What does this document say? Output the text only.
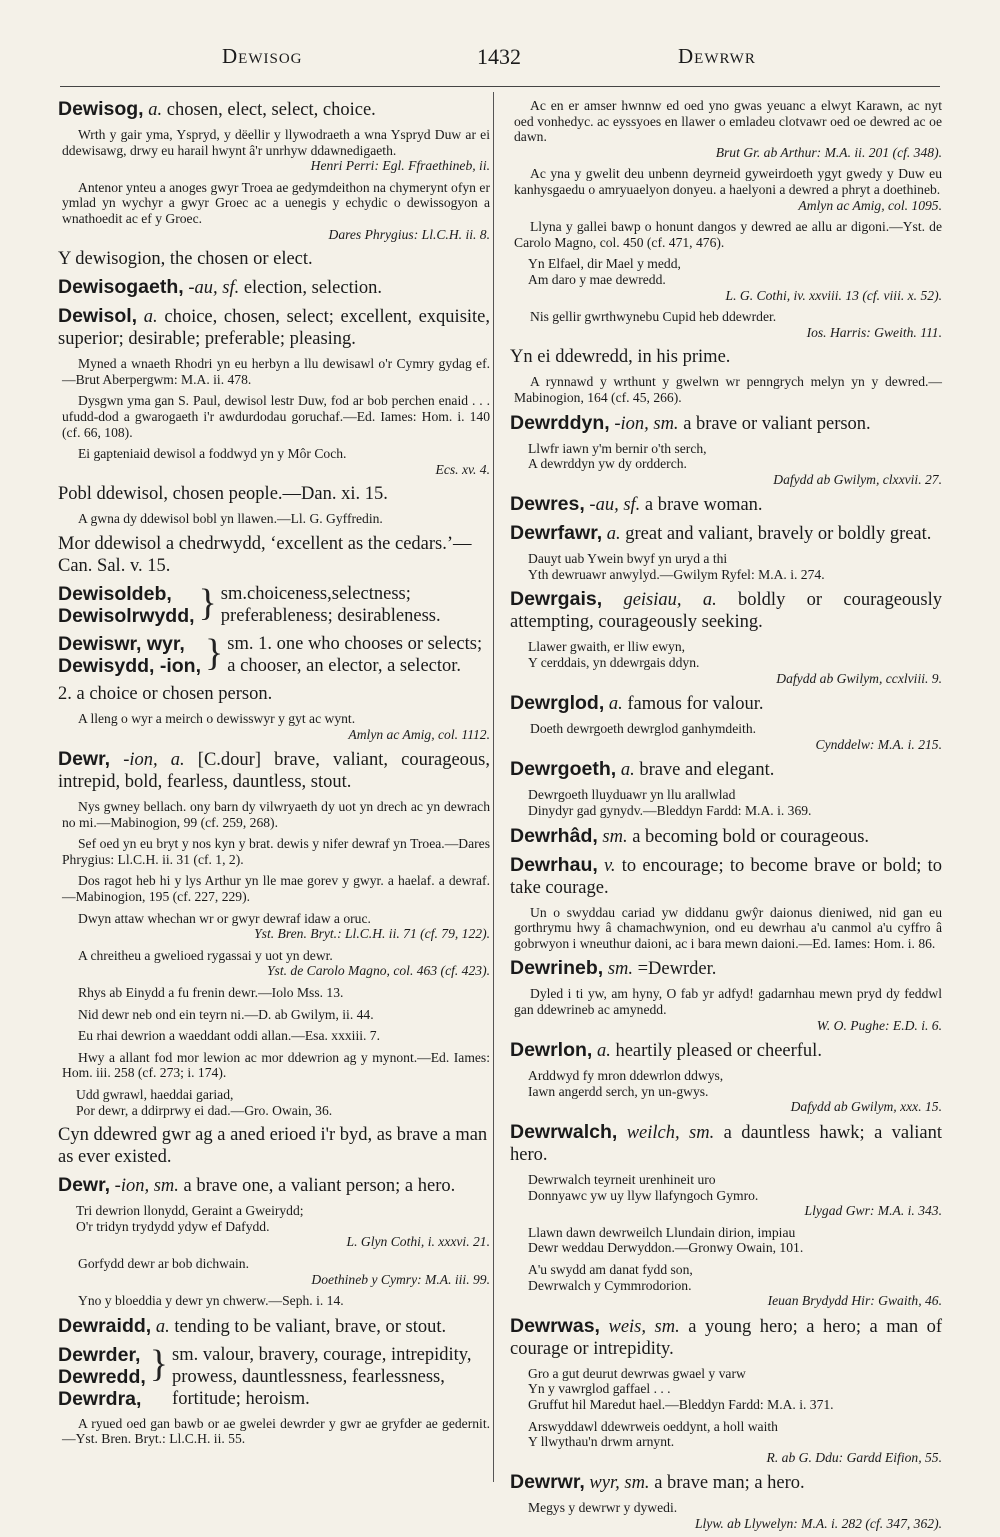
Dewisog	1432	Dewrwr
Dewisog, a. chosen, elect, select, choice.
Wrth y gair yma, Yspryd, y dëellir y llywodraeth a wna Yspryd Duw ar ei ddewisawg, drwy eu harail hwynt â'r unrhyw ddawnedigaeth.
Henri Perri: Egl. Ffraethineb, ii.
Antenor ynteu a anoges gwyr Troea ae gedymdeithon na chymerynt ofyn er ymlad yn wychyr a gwyr Groec ac a uenegis y echydic o dewissogyon a wnathoedit ac ef y Groec.
Dares Phrygius: Ll.C.H. ii. 8.
Y dewisogion, the chosen or elect.
Dewisogaeth, -au, sf. election, selection.
Dewisol, a. choice, chosen, select; excellent, exquisite, superior; desirable; preferable; pleasing.
Myned a wnaeth Rhodri yn eu herbyn a llu dewisawl o'r Cymry gydag ef.—Brut Aberpergwm: M.A. ii. 478.
Dysgwn yma gan S. Paul, dewisol lestr Duw, fod ar bob perchen enaid . . . ufudd-dod a gwarogaeth i'r awdurdodau goruchaf.—Ed. Iames: Hom. i. 140 (cf. 66, 108).
Ei gapteniaid dewisol a foddwyd yn y Môr Coch.
Ecs. xv. 4.
Pobl ddewisol, chosen people.—Dan. xi. 15.
A gwna dy ddewisol bobl yn llawen.—Ll. G. Gyffredin.
Mor ddewisol a chedrwydd, ‘excellent as the cedars.’—Can. Sal. v. 15.
Dewisoldeb,
Dewisolrwydd, } sm.choiceness,selectness; preferableness; desirableness.
Dewiswr, wyr,
Dewisydd, -ion, } sm. 1. one who chooses or selects; a chooser, an elector, a selector.
2. a choice or chosen person.
A lleng o wyr a meirch o dewisswyr y gyt ac wynt.
Amlyn ac Amig, col. 1112.
Dewr, -ion, a. [C.dour] brave, valiant, courageous, intrepid, bold, fearless, dauntless, stout.
Nys gwney bellach. ony barn dy vilwryaeth dy uot yn drech ac yn dewrach no mi.—Mabinogion, 99 (cf. 259, 268).
Sef oed yn eu bryt y nos kyn y brat. dewis y nifer dewraf yn Troea.—Dares Phrygius: Ll.C.H. ii. 31 (cf. 1, 2).
Dos ragot heb hi y lys Arthur yn lle mae gorev y gwyr. a haelaf. a dewraf.—Mabinogion, 195 (cf. 227, 229).
Dwyn attaw whechan wr or gwyr dewraf idaw a oruc.
Yst. Bren. Bryt.: Ll.C.H. ii. 71 (cf. 79, 122).
A chreitheu a gwelioed rygassai y uot yn dewr.
Yst. de Carolo Magno, col. 463 (cf. 423).
Rhys ab Einydd a fu frenin dewr.—Iolo Mss. 13.
Nid dewr neb ond ein teyrn ni.—D. ab Gwilym, ii. 44.
Eu rhai dewrion a waeddant oddi allan.—Esa. xxxiii. 7.
Hwy a allant fod mor lewion ac mor ddewrion ag y mynont.—Ed. Iames: Hom. iii. 258 (cf. 273; i. 174).
Udd gwrawl, haeddai gariad,
Por dewr, a ddirprwy ei dad.—Gro. Owain, 36.
Cyn ddewred gwr ag a aned erioed i'r byd, as brave a man as ever existed.
Dewr, -ion, sm. a brave one, a valiant person; a hero.
Tri dewrion llonydd, Geraint a Gweirydd;
O'r tridyn trydydd ydyw ef Dafydd.
L. Glyn Cothi, i. xxxvi. 21.
Gorfydd dewr ar bob dichwain.
Doethineb y Cymry: M.A. iii. 99.
Yno y bloeddia y dewr yn chwerw.—Seph. i. 14.
Dewraidd, a. tending to be valiant, brave, or stout.
Dewrder,
Dewredd,
Dewrdra,
} sm. valour, bravery, courage, intrepidity, prowess, dauntlessness, fearlessness, fortitude; heroism.
A ryued oed gan bawb or ae gwelei dewrder y gwr ae gryfder ae gedernit.—Yst. Bren. Bryt.: Ll.C.H. ii. 55.
Ac en er amser hwnnw ed oed yno gwas yeuanc a elwyt Karawn, ac nyt oed vonhedyc. ac eyssyoes en llawer o emladeu clotvawr oed oe dewred ac oe dawn.
Brut Gr. ab Arthur: M.A. ii. 201 (cf. 348).
Ac yna y gwelit deu unbenn deyrneid gyweirdoeth ygyt gwedy y Duw eu kanhysgaedu o amryuaelyon donyeu. a haelyoni a dewred a phryt a doethineb.
Amlyn ac Amig, col. 1095.
Llyna y gallei bawp o honunt dangos y dewred ae allu ar digoni.—Yst. de Carolo Magno, col. 450 (cf. 471, 476).
Yn Elfael, dir Mael y medd,
Am daro y mae dewredd.
L. G. Cothi, iv. xxviii. 13 (cf. viii. x. 52).
Nis gellir gwrthwynebu Cupid heb ddewrder.
Ios. Harris: Gweith. 111.
Yn ei ddewredd, in his prime.
A rynnawd y wrthunt y gwelwn wr penngrych melyn yn y dewred.—Mabinogion, 164 (cf. 45, 266).
Dewrddyn, -ion, sm. a brave or valiant person.
Llwfr iawn y'm bernir o'th serch,
A dewrddyn yw dy ordderch.
Dafydd ab Gwilym, clxxvii. 27.
Dewres, -au, sf. a brave woman.
Dewrfawr, a. great and valiant, bravely or boldly great.
Dauyt uab Ywein bwyf yn uryd a thi
Yth dewruawr anwylyd.—Gwilym Ryfel: M.A. i. 274.
Dewrgais, geisiau, a. boldly or courageously attempting, courageously seeking.
Llawer gwaith, er lliw ewyn,
Y cerddais, yn ddewrgais ddyn.
Dafydd ab Gwilym, ccxlviii. 9.
Dewrglod, a. famous for valour.
Doeth dewrgoeth dewrglod ganhymdeith.
Cynddelw: M.A. i. 215.
Dewrgoeth, a. brave and elegant.
Dewrgoeth lluyduawr yn llu arallwlad
Dinydyr gad gynydv.—Bleddyn Fardd: M.A. i. 369.
Dewrhâd, sm. a becoming bold or courageous.
Dewrhau, v. to encourage; to become brave or bold; to take courage.
Un o swyddau cariad yw diddanu gwŷr daionus dieniwed, nid gan eu gorthrymu hwy â chamachwynion, ond eu dewrhau a'u canmol a'u cyffro â gobrwyon i wneuthur daioni, ac i bara mewn daioni.—Ed. Iames: Hom. i. 86.
Dewrineb, sm. =Dewrder.
Dyled i ti yw, am hyny, O fab yr adfyd! gadarnhau mewn pryd dy feddwl gan ddewrineb ac amynedd.
W. O. Pughe: E.D. i. 6.
Dewrlon, a. heartily pleased or cheerful.
Arddwyd fy mron ddewrlon ddwys,
Iawn angerdd serch, yn un-gwys.
Dafydd ab Gwilym, xxx. 15.
Dewrwalch, weilch, sm. a dauntless hawk; a valiant hero.
Dewrwalch teyrneit urenhineit uro
Donnyawc yw uy llyw llafyngoch Gymro.
Llygad Gwr: M.A. i. 343.
Llawn dawn dewrweilch Llundain dirion, impiau
Dewr weddau Derwyddon.—Gronwy Owain, 101.
A'u swydd am danat fydd son,
Dewrwalch y Cymmrodorion.
Ieuan Brydydd Hir: Gwaith, 46.
Dewrwas, weis, sm. a young hero; a hero; a man of courage or intrepidity.
Gro a gut deurut dewrwas gwael y varw
Yn y vawrglod gaffael . . .
Gruffut hil Maredut hael.—Bleddyn Fardd: M.A. i. 371.
Arswyddawl ddewrweis oeddynt, a holl waith
Y llwythau'n drwm arnynt.
R. ab G. Ddu: Gardd Eifion, 55.
Dewrwr, wyr, sm. a brave man; a hero.
Megys y dewrwr y dywedi.
Llyw. ab Llywelyn: M.A. i. 282 (cf. 347, 362).
